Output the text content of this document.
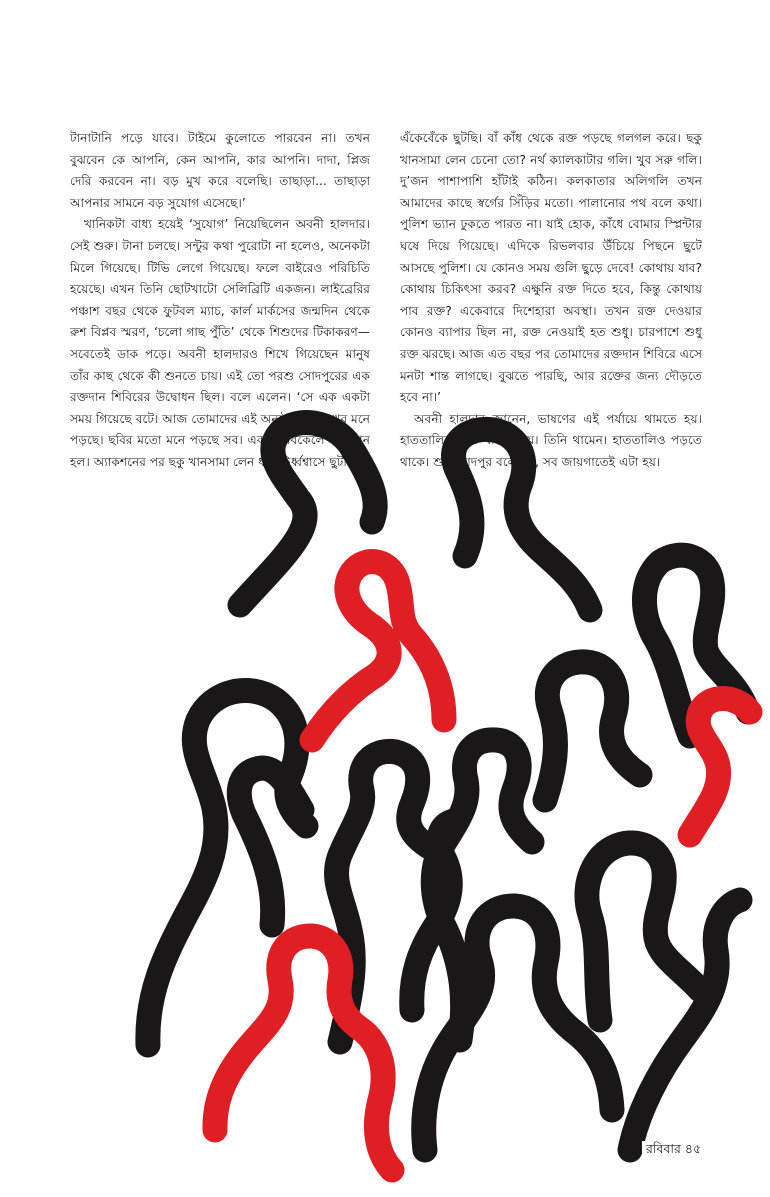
টানাটানি পড়ে যাবে। টাইমে কুলোতে পারবেন না। তখন বুঝবেন কে আপনি, কেন আপনি, কার আপনি। দাদা, প্লিজ দেরি করবেন না। বড় মুখ করে বলেছি। তাছাড়া... তাছাড়া আপনার সামনে বড় সুযোগ এসেছে।’

খানিকটা বাধ্য হয়েই ‘সুযোগ’ নিয়েছিলেন অবনী হালদার। সেই শুরু। টানা চলছে। সন্টুর কথা পুরোটা না হলেও, অনেকটা মিলে গিয়েছে। টিভি লেগে গিয়েছে। ফলে বাইরেও পরিচিতি হয়েছে। এখন তিনি ছোটখাটো সেলিব্রিটি একজন। লাইব্রেরির পঞ্চাশ বছর থেকে ফুটবল ম্যাচ, কার্ল মার্কসের জন্মদিন থেকে রুশ বিপ্লব স্মরণ, ‘চলো গাছ পুঁতি’ থেকে শিশুদের টিকাকরণ— সবেতেই ডাক পড়ে। অবনী হালদারও শিখে গিয়েছেন মানুষ তাঁর কাছ থেকে কী শুনতে চায়। এই তো পরশু সোদপুরের এক রক্তদান শিবিরের উদ্বোধন ছিল। বলে এলেন। ‘সে এক একটা সময় গিয়েছে বটে। আজ তোমাদের এই অনুষ্ঠানে এসে খুব মনে পড়ছে। ছবির মতো মনে পড়ছে সব। একদিন বিকেলে অ্যাকশন হল। অ্যাকশনের পর ছকু খানসামা লেন ধরে ঊর্ধ্বশ্বাসে ছুটছি।

এঁকেবেঁকে ছুটছি। বাঁ কাঁধ থেকে রক্ত পড়ছে গলগল করে। ছকু খানসামা লেন চেনো তো? নর্থ ক্যালকাটার গলি। খুব সরু গলি। দু’জন পাশাপাশি হাঁটাই কঠিন। কলকাতার অলিগলি তখন আমাদের কাছে স্বর্গের সিঁড়ির মতো। পালানোর পথ বলে কথা। পুলিশ ভ্যান ঢুকতে পারত না। যাই হোক, কাঁধে বোমার স্প্লিন্টার ঘষে দিয়ে গিয়েছে। এদিকে রিভলবার উঁচিয়ে পিছনে ছুটে আসছে পুলিশ। যে কোনও সময় গুলি ছুড়ে দেবে! কোথায় যাব? কোথায় চিকিৎসা করব? এক্ষুনি রক্ত দিতে হবে, কিন্তু কোথায় পাব রক্ত? একেবারে দিশেহারা অবস্থা। তখন রক্ত দেওয়ার কোনও ব্যাপার ছিল না, রক্ত নেওয়াই হত শুধু। চারপাশে শুধু রক্ত ঝরছে। আজ এত বছর পর তোমাদের রক্তদান শিবিরে এসে মনটা শান্ত লাগছে। বুঝতে পারছি, আর রক্তের জন্য দৌড়তে হবে না।’

অবনী হালদার জানেন, ভাষণের এই পর্যায়ে থামতে হয়। হাততালির জন্য থামতে হয়। তিনি থামেন। হাততালিও পড়তে থাকে। শুধু সোদপুর বলে নয়, সব জায়গাতেই এটা হয়।

রবিবার ৪৫
